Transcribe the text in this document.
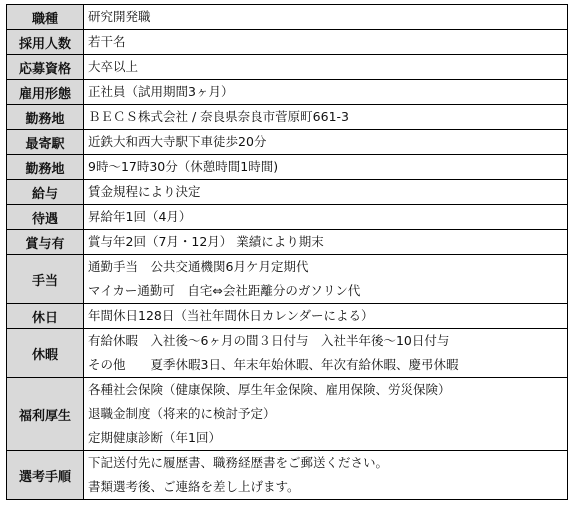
職種	研究開発職

採用人数	若干名

応募資格	大卒以上

雇用形態	正社員（試用期間3ヶ月）

勤務地	ＢＥＣＳ株式会社 / 奈良県奈良市菅原町661-3

最寄駅	近鉄大和西大寺駅下車徒歩20分

勤務地	9時～17時30分（休憩時間1時間)

給与	賃金規程により決定

待遇	昇給年1回（4月）

賞与有	賞与年2回（7月・12月） 業績により期末

手当	通勤手当　公共交通機関6月ケ月定期代
マイカー通勤可　自宅⇔会社距離分のガソリン代

休日	年間休日128日（当社年間休日カレンダーによる）

休暇	有給休暇　入社後～6ヶ月の間３日付与　入社半年後～10日付与
その他　　夏季休暇3日、年末年始休暇、年次有給休暇、慶弔休暇

福利厚生	各種社会保険（健康保険、厚生年金保険、雇用保険、労災保険）
退職金制度（将来的に検討予定）
定期健康診断（年1回）

選考手順	下記送付先に履歴書、職務経歴書をご郵送ください。
書類選考後、ご連絡を差し上げます。
